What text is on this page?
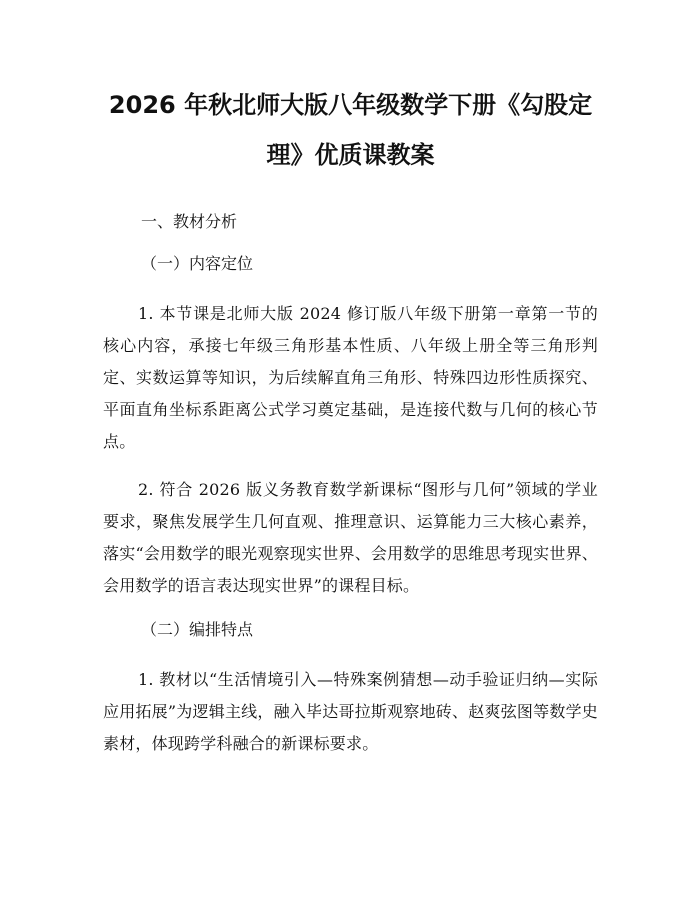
2026 年秋北师大版八年级数学下册《勾股定理》优质课教案

一、教材分析

（一）内容定位

1. 本节课是北师大版 2024 修订版八年级下册第一章第一节的核心内容，承接七年级三角形基本性质、八年级上册全等三角形判定、实数运算等知识，为后续解直角三角形、特殊四边形性质探究、平面直角坐标系距离公式学习奠定基础，是连接代数与几何的核心节点。

2. 符合 2026 版义务教育数学新课标“图形与几何”领域的学业要求，聚焦发展学生几何直观、推理意识、运算能力三大核心素养，落实“会用数学的眼光观察现实世界、会用数学的思维思考现实世界、会用数学的语言表达现实世界”的课程目标。

（二）编排特点

1. 教材以“生活情境引入—特殊案例猜想—动手验证归纳—实际应用拓展”为逻辑主线，融入毕达哥拉斯观察地砖、赵爽弦图等数学史素材，体现跨学科融合的新课标要求。
